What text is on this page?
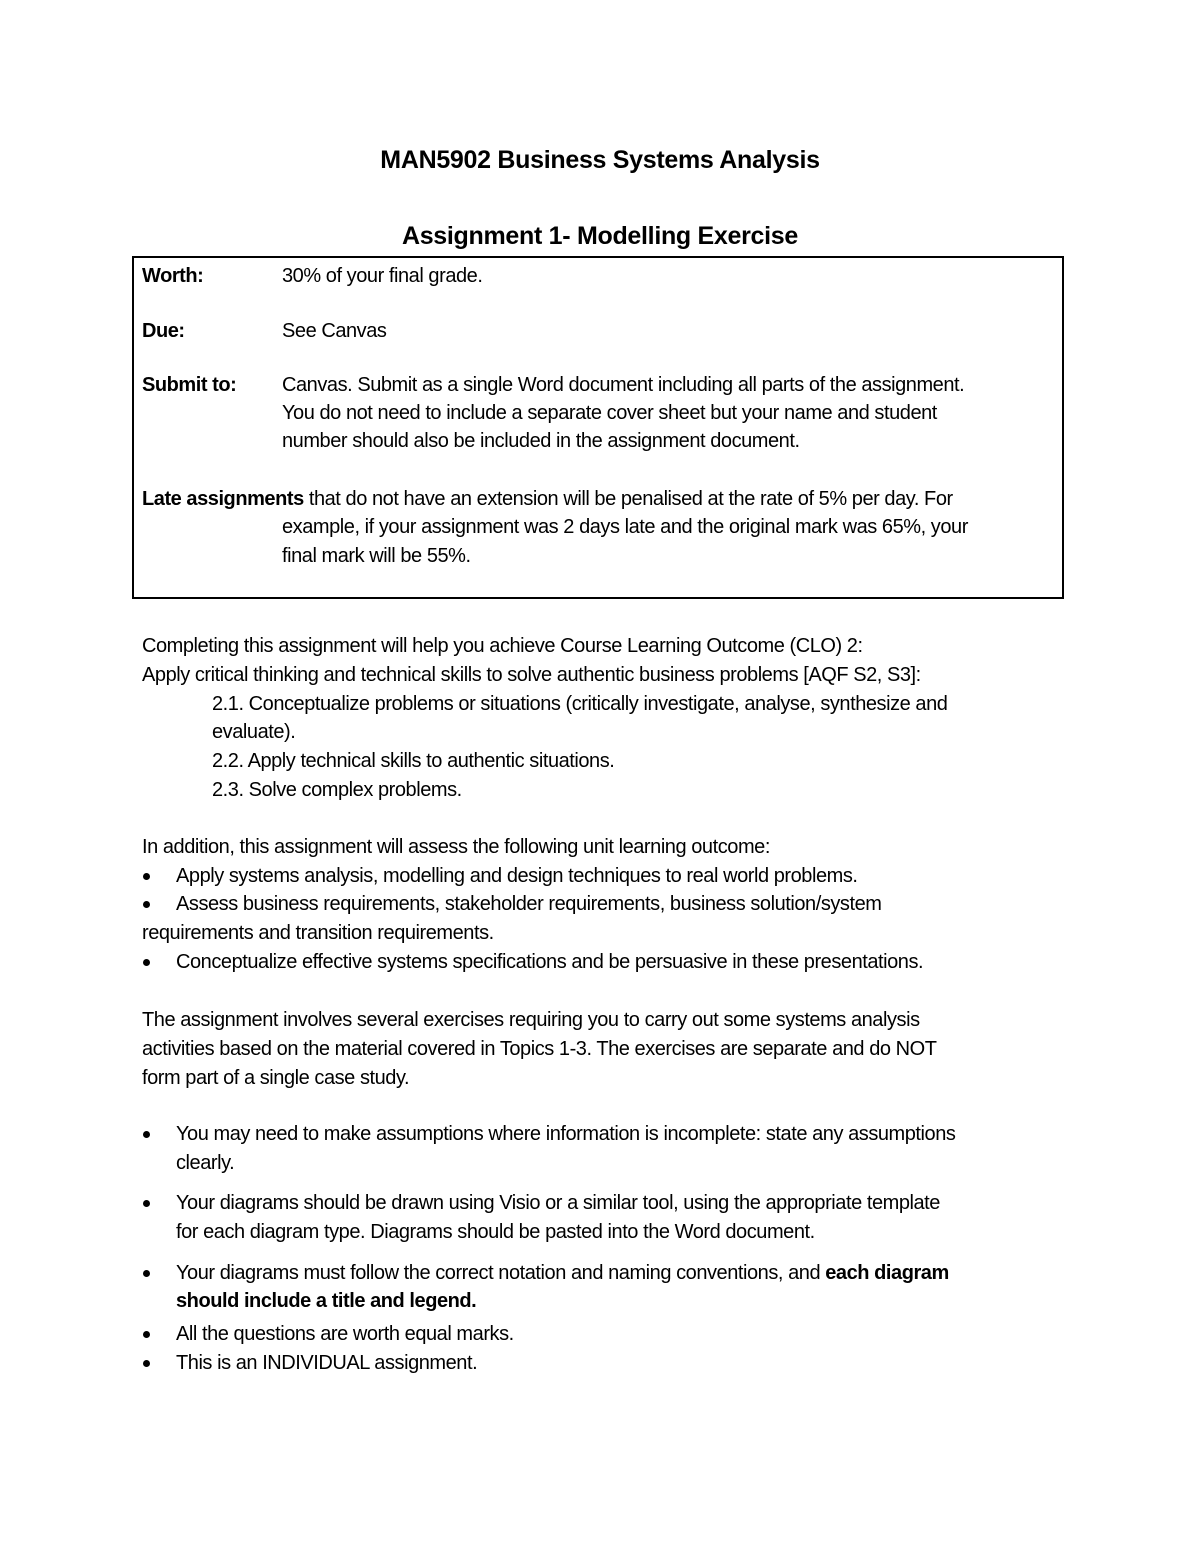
MAN5902 Business Systems Analysis
Assignment 1- Modelling Exercise
Worth:	30% of your final grade.
Due:	See Canvas
Submit to: Canvas. Submit as a single Word document including all parts of the assignment.
You do not need to include a separate cover sheet but your name and student
number should also be included in the assignment document.
Late assignments that do not have an extension will be penalised at the rate of 5% per day. For
example, if your assignment was 2 days late and the original mark was 65%, your
final mark will be 55%.
Completing this assignment will help you achieve Course Learning Outcome (CLO) 2:
Apply critical thinking and technical skills to solve authentic business problems [AQF S2, S3]:
2.1. Conceptualize problems or situations (critically investigate, analyse, synthesize and
evaluate).
2.2. Apply technical skills to authentic situations.
2.3. Solve complex problems.
In addition, this assignment will assess the following unit learning outcome:
Apply systems analysis, modelling and design techniques to real world problems.
Assess business requirements, stakeholder requirements, business solution/system
requirements and transition requirements.
Conceptualize effective systems specifications and be persuasive in these presentations.
The assignment involves several exercises requiring you to carry out some systems analysis
activities based on the material covered in Topics 1-3. The exercises are separate and do NOT
form part of a single case study.
You may need to make assumptions where information is incomplete: state any assumptions
clearly.
Your diagrams should be drawn using Visio or a similar tool, using the appropriate template
for each diagram type. Diagrams should be pasted into the Word document.
Your diagrams must follow the correct notation and naming conventions, and each diagram
should include a title and legend.
All the questions are worth equal marks.
This is an INDIVIDUAL assignment.
